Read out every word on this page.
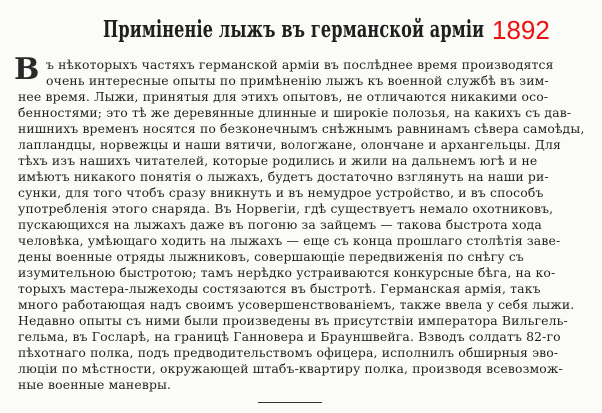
Приміненіе лыжъ въ германской арміи 1892
В ъ нѣкоторыхъ частяхъ германской арміи въ послѣднее время производятся
очень интересные опыты по примѣненію лыжъ къ военной службѣ въ зим-
нее время. Лыжи, принятыя для этихъ опытовъ, не отличаются никакими осо-
бенностями; это тѣ же деревянные длинные и широкіе полозья, на какихъ съ дав-
нишнихъ временъ носятся по безконечнымъ снѣжнымъ равнинамъ сѣвера самоѣды,
лапландцы, норвежцы и наши вятичи, вологжане, олончане и архангельцы. Для
тѣхъ изъ нашихъ читателей, которые родились и жили на дальнемъ югѣ и не
имѣютъ никакого понятія о лыжахъ, будетъ достаточно взглянуть на наши ри-
сунки, для того чтобъ сразу вникнуть и въ немудрое устройство, и въ способъ
употребленія этого снаряда. Въ Норвегіи, гдѣ существуетъ немало охотниковъ,
пускающихся на лыжахъ даже въ погоню за зайцемъ — такова быстрота хода
человѣка, умѣющаго ходить на лыжахъ — еще съ конца прошлаго столѣтія заве-
дены военные отряды лыжниковъ, совершающіе передвиженія по снѣгу съ
изумительною быстротою; тамъ нерѣдко устраиваются конкурсные бѣга, на ко-
торыхъ мастера-лыжеходы состязаются въ быстротѣ. Германская армія, такъ
много работающая надъ своимъ усовершенствованіемъ, также ввела у себя лыжи.
Недавно опыты съ ними были произведены въ присутствіи императора Вильгель-
гельма, въ Госларѣ, на границѣ Ганновера и Брауншвейга. Взводъ солдатъ 82-го
пѣхотнаго полка, подъ предводительствомъ офицера, исполнилъ обширныя эво-
люціи по мѣстности, окружающей штабъ-квартиру полка, производя всевозмож-
ные военные маневры.
